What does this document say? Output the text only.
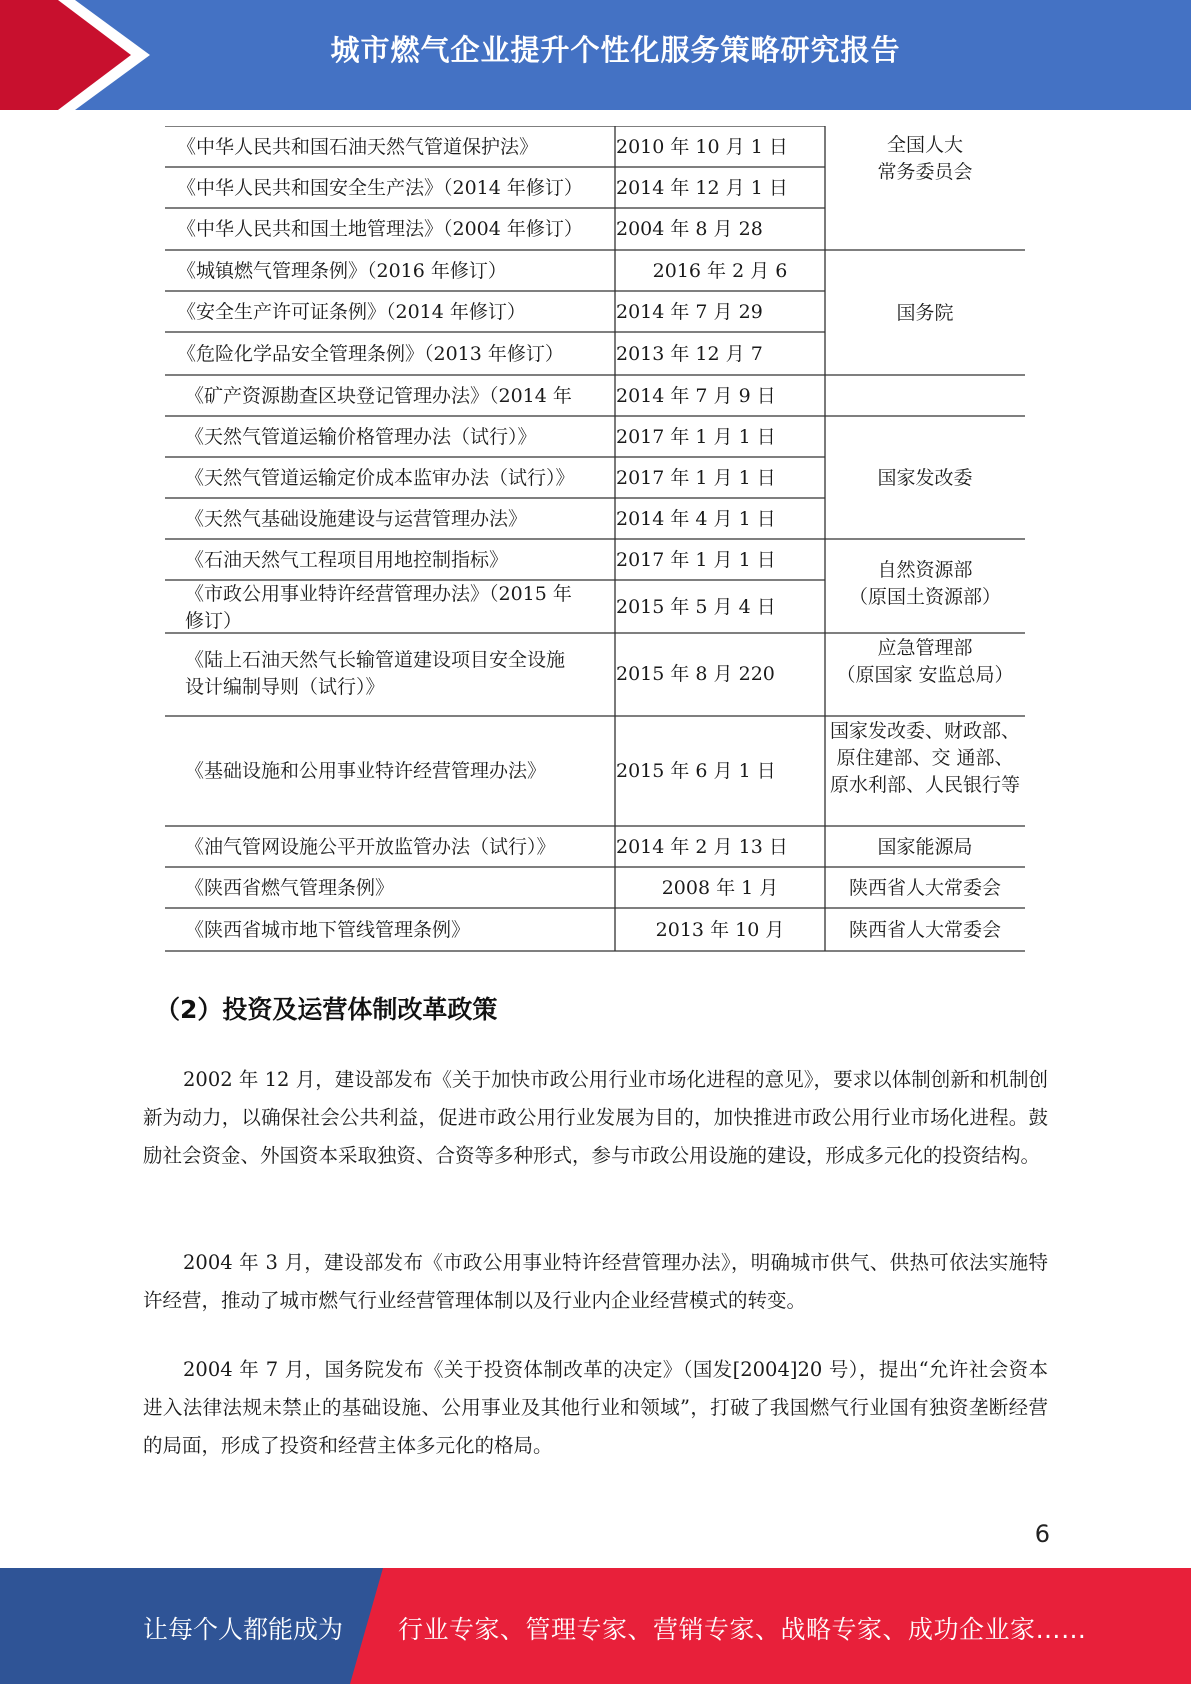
城市燃气企业提升个性化服务策略研究报告
《中华人民共和国石油天然气管道保护法》
《中华人民共和国安全生产法》（2014 年修订）
《中华人民共和国土地管理法》（2004 年修订）
《城镇燃气管理条例》（2016 年修订）
《安全生产许可证条例》（2014 年修订）
《危险化学品安全管理条例》（2013 年修订）
《矿产资源勘查区块登记管理办法》（2014 年
《天然气管道运输价格管理办法（试行）》
《天然气管道运输定价成本监审办法（试行）》
《天然气基础设施建设与运营管理办法》
《石油天然气工程项目用地控制指标》
《市政公用事业特许经营管理办法》（2015 年修订）
《陆上石油天然气长输管道建设项目安全设施 设计编制导则（试行）》
《基础设施和公用事业特许经营管理办法》
《油气管网设施公平开放监管办法（试行）》
《陕西省燃气管理条例》
《陕西省城市地下管线管理条例》
2010 年 10 月 1 日
2014 年 12 月 1 日
2004 年 8 月 28
2016 年 2 月 6
2014 年 7 月 29
2013 年 12 月 7
2014 年 7 月 9 日
2017 年 1 月 1 日
2017 年 1 月 1 日
2014 年 4 月 1 日
2017 年 1 月 1 日
2015 年 5 月 4 日
2015 年 8 月 220
2015 年 6 月 1 日
2014 年 2 月 13 日
2008 年 1 月
2013 年 10 月
全国人大
常务委员会
国务院
国家发改委
自然资源部
（原国土资源部）
应急管理部
（原国家 安监总局）
国家发改委、财政部、原住建部、交 通部、原水利部、人民银行等
国家能源局
陕西省人大常委会
陕西省人大常委会
（2）投资及运营体制改革政策

2002 年 12 月，建设部发布《关于加快市政公用行业市场化进程的意见》，要求以体制创新和机制创新为动力，以确保社会公共利益，促进市政公用行业发展为目的，加快推进市政公用行业市场化进程。鼓励社会资金、外国资本采取独资、合资等多种形式，参与市政公用设施的建设，形成多元化的投资结构。

2004 年 3 月，建设部发布《市政公用事业特许经营管理办法》，明确城市供气、供热可依法实施特许经营，推动了城市燃气行业经营管理体制以及行业内企业经营模式的转变。

2004 年 7 月，国务院发布《关于投资体制改革的决定》（国发[2004]20 号），提出“允许社会资本进入法律法规未禁止的基础设施、公用事业及其他行业和领域”，打破了我国燃气行业国有独资垄断经营的局面，形成了投资和经营主体多元化的格局。

6
让每个人都能成为 行业专家、管理专家、营销专家、战略专家、成功企业家……
